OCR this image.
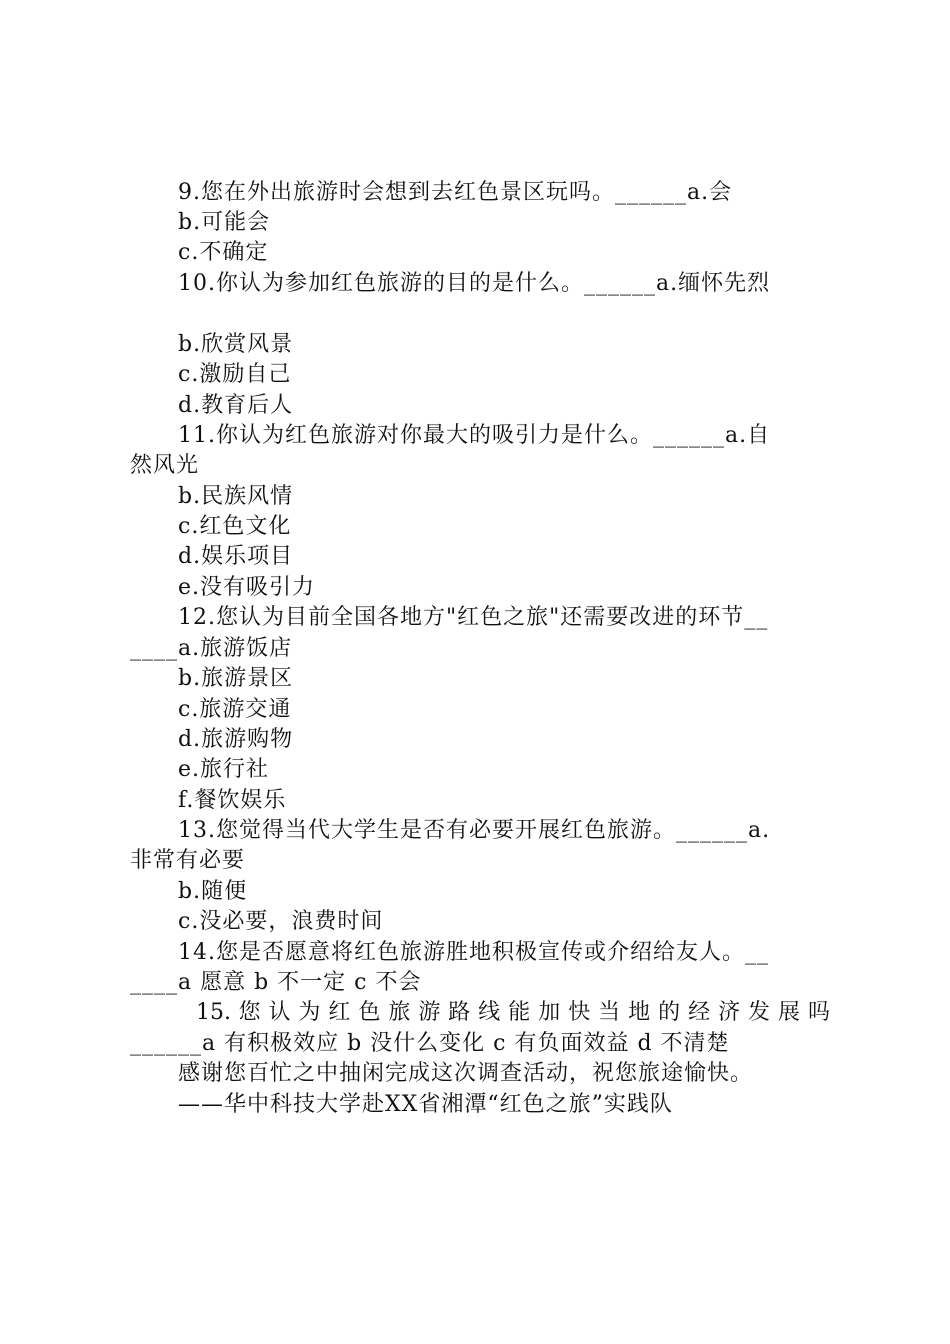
9.您在外出旅游时会想到去红色景区玩吗。______a.会
b.可能会
c.不确定
10.你认为参加红色旅游的目的是什么。______a.缅怀先烈
b.欣赏风景
c.激励自己
d.教育后人
11.你认为红色旅游对你最大的吸引力是什么。______a.自
然风光
b.民族风情
c.红色文化
d.娱乐项目
e.没有吸引力
12.您认为目前全国各地方"红色之旅"还需要改进的环节__
____a.旅游饭店
b.旅游景区
c.旅游交通
d.旅游购物
e.旅行社
f.餐饮娱乐
13.您觉得当代大学生是否有必要开展红色旅游。______a.
非常有必要
b.随便
c.没必要，浪费时间
14.您是否愿意将红色旅游胜地积极宣传或介绍给友人。__
____a 愿意 b 不一定 c 不会
15. 您 认 为 红 色 旅 游 路 线 能 加 快 当 地 的 经 济 发 展 吗
______a 有积极效应 b 没什么变化 c 有负面效益 d 不清楚
感谢您百忙之中抽闲完成这次调查活动，祝您旅途愉快。
——华中科技大学赴XX省湘潭“红色之旅”实践队
